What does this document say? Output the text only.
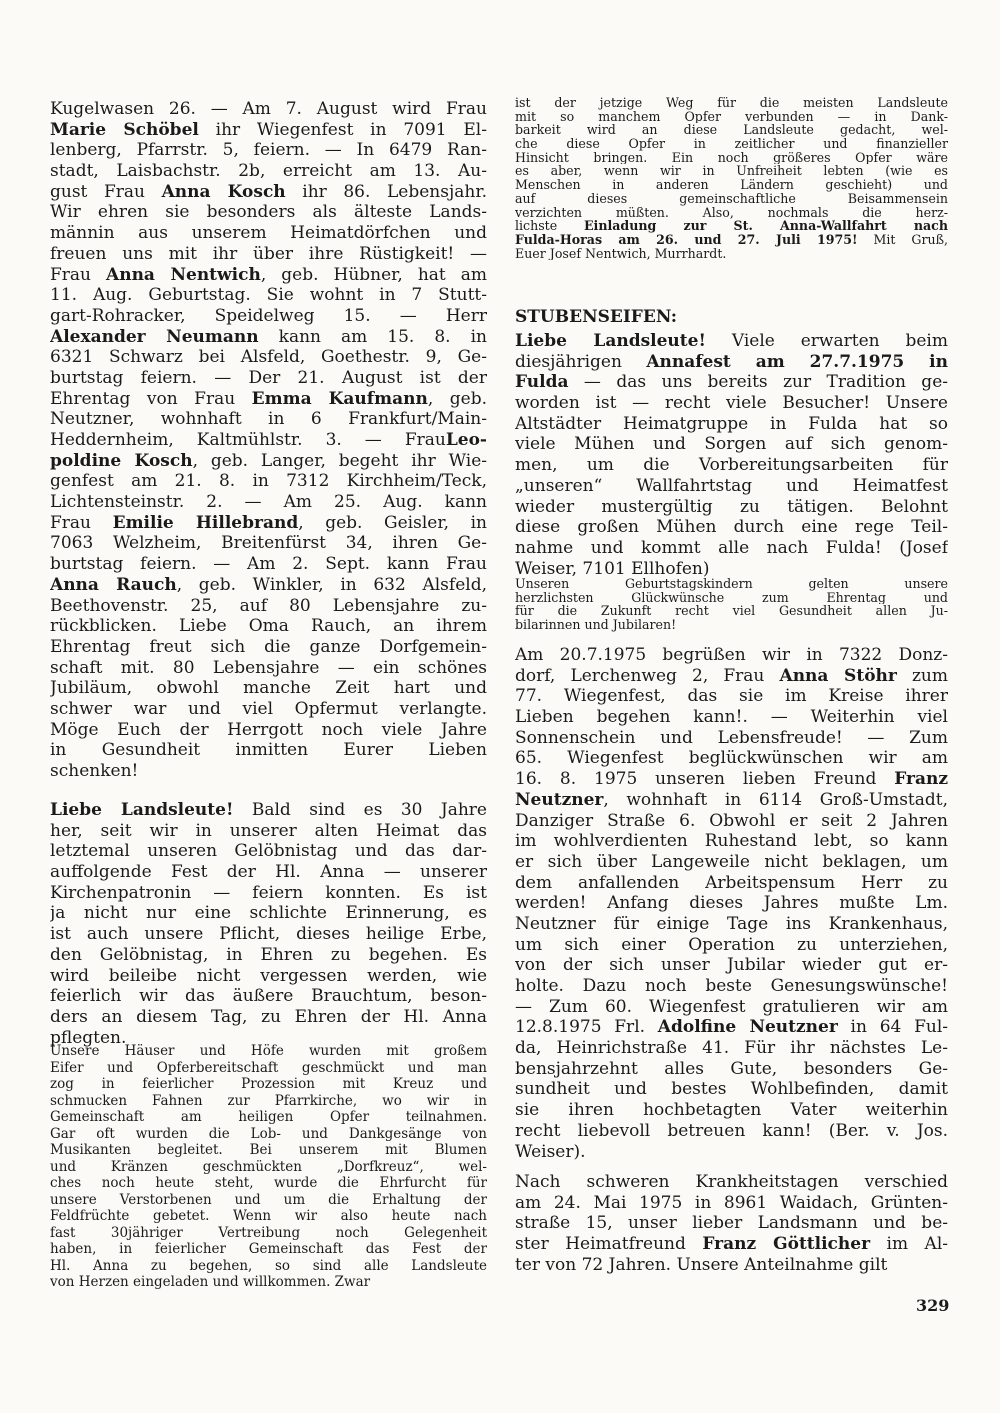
Kugelwasen 26. — Am 7. August wird Frau
Marie Schöbel ihr Wiegenfest in 7091 El-
lenberg, Pfarrstr. 5, feiern. — In 6479 Ran-
stadt, Laisbachstr. 2b, erreicht am 13. Au-
gust Frau Anna Kosch ihr 86. Lebensjahr.
Wir ehren sie besonders als älteste Lands-
männin aus unserem Heimatdörfchen und
freuen uns mit ihr über ihre Rüstigkeit! —
Frau Anna Nentwich, geb. Hübner, hat am
11. Aug. Geburtstag. Sie wohnt in 7 Stutt-
gart-Rohracker, Speidelweg 15. — Herr
Alexander Neumann kann am 15. 8. in
6321 Schwarz bei Alsfeld, Goethestr. 9, Ge-
burtstag feiern. — Der 21. August ist der
Ehrentag von Frau Emma Kaufmann, geb.
Neutzner, wohnhaft in 6 Frankfurt/Main-
Heddernheim, Kaltmühlstr. 3. — FrauLeo-
poldine Kosch, geb. Langer, begeht ihr Wie-
genfest am 21. 8. in 7312 Kirchheim/Teck,
Lichtensteinstr. 2. — Am 25. Aug. kann
Frau Emilie Hillebrand, geb. Geisler, in
7063 Welzheim, Breitenfürst 34, ihren Ge-
burtstag feiern. — Am 2. Sept. kann Frau
Anna Rauch, geb. Winkler, in 632 Alsfeld,
Beethovenstr. 25, auf 80 Lebensjahre zu-
rückblicken. Liebe Oma Rauch, an ihrem
Ehrentag freut sich die ganze Dorfgemein-
schaft mit. 80 Lebensjahre — ein schönes
Jubiläum, obwohl manche Zeit hart und
schwer war und viel Opfermut verlangte.
Möge Euch der Herrgott noch viele Jahre
in Gesundheit inmitten Eurer Lieben
schenken!
Liebe Landsleute! Bald sind es 30 Jahre
her, seit wir in unserer alten Heimat das
letztemal unseren Gelöbnistag und das dar-
auffolgende Fest der Hl. Anna — unserer
Kirchenpatronin — feiern konnten. Es ist
ja nicht nur eine schlichte Erinnerung, es
ist auch unsere Pflicht, dieses heilige Erbe,
den Gelöbnistag, in Ehren zu begehen. Es
wird beileibe nicht vergessen werden, wie
feierlich wir das äußere Brauchtum, beson-
ders an diesem Tag, zu Ehren der Hl. Anna
pflegten.
Unsere Häuser und Höfe wurden mit großem
Eifer und Opferbereitschaft geschmückt und man
zog in feierlicher Prozession mit Kreuz und
schmucken Fahnen zur Pfarrkirche, wo wir in
Gemeinschaft am heiligen Opfer teilnahmen.
Gar oft wurden die Lob- und Dankgesänge von
Musikanten begleitet. Bei unserem mit Blumen
und Kränzen geschmückten „Dorfkreuz“, wel-
ches noch heute steht, wurde die Ehrfurcht für
unsere Verstorbenen und um die Erhaltung der
Feldfrüchte gebetet. Wenn wir also heute nach
fast 30jähriger Vertreibung noch Gelegenheit
haben, in feierlicher Gemeinschaft das Fest der
Hl. Anna zu begehen, so sind alle Landsleute
von Herzen eingeladen und willkommen. Zwar
ist der jetzige Weg für die meisten Landsleute
mit so manchem Opfer verbunden — in Dank-
barkeit wird an diese Landsleute gedacht, wel-
che diese Opfer in zeitlicher und finanzieller
Hinsicht bringen. Ein noch größeres Opfer wäre
es aber, wenn wir in Unfreiheit lebten (wie es
Menschen in anderen Ländern geschieht) und
auf dieses gemeinschaftliche Beisammensein
verzichten müßten. Also, nochmals die herz-
lichste Einladung zur St. Anna-Wallfahrt nach
Fulda-Horas am 26. und 27. Juli 1975! Mit Gruß,
Euer Josef Nentwich, Murrhardt.
STUBENSEIFEN:
Liebe Landsleute! Viele erwarten beim
diesjährigen Annafest am 27.7.1975 in
Fulda — das uns bereits zur Tradition ge-
worden ist — recht viele Besucher! Unsere
Altstädter Heimatgruppe in Fulda hat so
viele Mühen und Sorgen auf sich genom-
men, um die Vorbereitungsarbeiten für
„unseren“ Wallfahrtstag und Heimatfest
wieder mustergültig zu tätigen. Belohnt
diese großen Mühen durch eine rege Teil-
nahme und kommt alle nach Fulda! (Josef
Weiser, 7101 Ellhofen)
Unseren Geburtstagskindern gelten unsere
herzlichsten Glückwünsche zum Ehrentag und
für die Zukunft recht viel Gesundheit allen Ju-
bilarinnen und Jubilaren!
Am 20.7.1975 begrüßen wir in 7322 Donz-
dorf, Lerchenweg 2, Frau Anna Stöhr zum
77. Wiegenfest, das sie im Kreise ihrer
Lieben begehen kann!. — Weiterhin viel
Sonnenschein und Lebensfreude! — Zum
65. Wiegenfest beglückwünschen wir am
16. 8. 1975 unseren lieben Freund Franz
Neutzner, wohnhaft in 6114 Groß-Umstadt,
Danziger Straße 6. Obwohl er seit 2 Jahren
im wohlverdienten Ruhestand lebt, so kann
er sich über Langeweile nicht beklagen, um
dem anfallenden Arbeitspensum Herr zu
werden! Anfang dieses Jahres mußte Lm.
Neutzner für einige Tage ins Krankenhaus,
um sich einer Operation zu unterziehen,
von der sich unser Jubilar wieder gut er-
holte. Dazu noch beste Genesungswünsche!
— Zum 60. Wiegenfest gratulieren wir am
12.8.1975 Frl. Adolfine Neutzner in 64 Ful-
da, Heinrichstraße 41. Für ihr nächstes Le-
bensjahrzehnt alles Gute, besonders Ge-
sundheit und bestes Wohlbefinden, damit
sie ihren hochbetagten Vater weiterhin
recht liebevoll betreuen kann! (Ber. v. Jos.
Weiser).
Nach schweren Krankheitstagen verschied
am 24. Mai 1975 in 8961 Waidach, Grünten-
straße 15, unser lieber Landsmann und be-
ster Heimatfreund Franz Göttlicher im Al-
ter von 72 Jahren. Unsere Anteilnahme gilt
329
